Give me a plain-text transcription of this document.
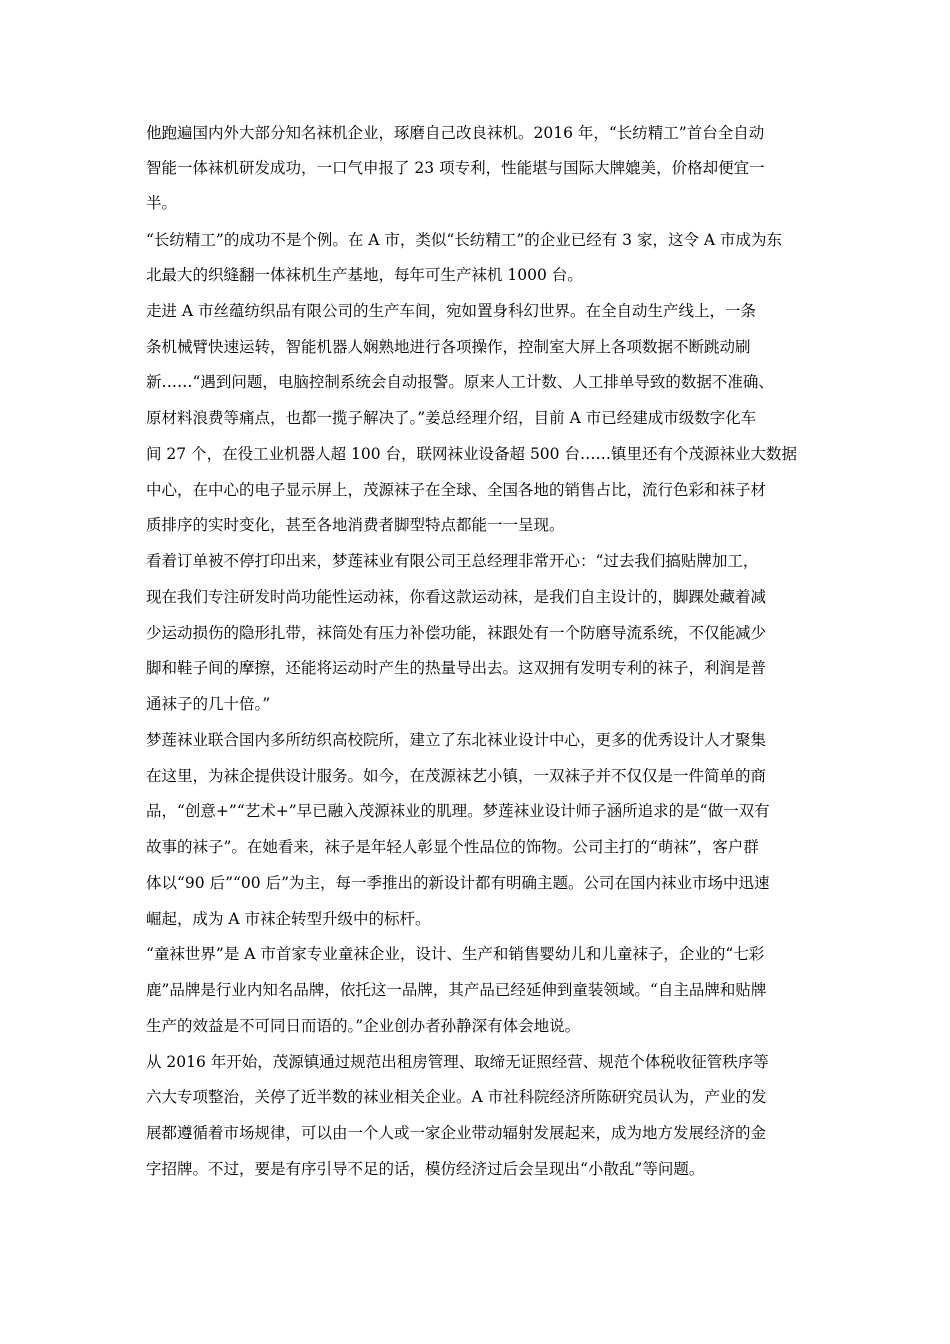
他跑遍国内外大部分知名袜机企业，琢磨自己改良袜机。2016 年，“长纺精工”首台全自动
智能一体袜机研发成功，一口气申报了 23 项专利，性能堪与国际大牌媲美，价格却便宜一
半。
“长纺精工”的成功不是个例。在 A 市，类似“长纺精工”的企业已经有 3 家，这令 A 市成为东
北最大的织缝翻一体袜机生产基地，每年可生产袜机 1000 台。
走进 A 市丝蕴纺织品有限公司的生产车间，宛如置身科幻世界。在全自动生产线上，一条
条机械臂快速运转，智能机器人娴熟地进行各项操作，控制室大屏上各项数据不断跳动刷
新……“遇到问题，电脑控制系统会自动报警。原来人工计数、人工排单导致的数据不准确、
原材料浪费等痛点，也都一揽子解决了。”姜总经理介绍，目前 A 市已经建成市级数字化车
间 27 个，在役工业机器人超 100 台，联网袜业设备超 500 台……镇里还有个茂源袜业大数据
中心，在中心的电子显示屏上，茂源袜子在全球、全国各地的销售占比，流行色彩和袜子材
质排序的实时变化，甚至各地消费者脚型特点都能一一呈现。
看着订单被不停打印出来，梦莲袜业有限公司王总经理非常开心：“过去我们搞贴牌加工，
现在我们专注研发时尚功能性运动袜，你看这款运动袜，是我们自主设计的，脚踝处藏着减
少运动损伤的隐形扎带，袜筒处有压力补偿功能，袜跟处有一个防磨导流系统，不仅能减少
脚和鞋子间的摩擦，还能将运动时产生的热量导出去。这双拥有发明专利的袜子，利润是普
通袜子的几十倍。”
梦莲袜业联合国内多所纺织高校院所，建立了东北袜业设计中心，更多的优秀设计人才聚集
在这里，为袜企提供设计服务。如今，在茂源袜艺小镇，一双袜子并不仅仅是一件简单的商
品，“创意+”“艺术+”早已融入茂源袜业的肌理。梦莲袜业设计师子涵所追求的是“做一双有
故事的袜子”。在她看来，袜子是年轻人彰显个性品位的饰物。公司主打的“萌袜”，客户群
体以“90 后”“00 后”为主，每一季推出的新设计都有明确主题。公司在国内袜业市场中迅速
崛起，成为 A 市袜企转型升级中的标杆。
“童袜世界”是 A 市首家专业童袜企业，设计、生产和销售婴幼儿和儿童袜子，企业的“七彩
鹿”品牌是行业内知名品牌，依托这一品牌，其产品已经延伸到童装领域。“自主品牌和贴牌
生产的效益是不可同日而语的。”企业创办者孙静深有体会地说。
从 2016 年开始，茂源镇通过规范出租房管理、取缔无证照经营、规范个体税收征管秩序等
六大专项整治，关停了近半数的袜业相关企业。A 市社科院经济所陈研究员认为，产业的发
展都遵循着市场规律，可以由一个人或一家企业带动辐射发展起来，成为地方发展经济的金
字招牌。不过，要是有序引导不足的话，模仿经济过后会呈现出“小散乱”等问题。
